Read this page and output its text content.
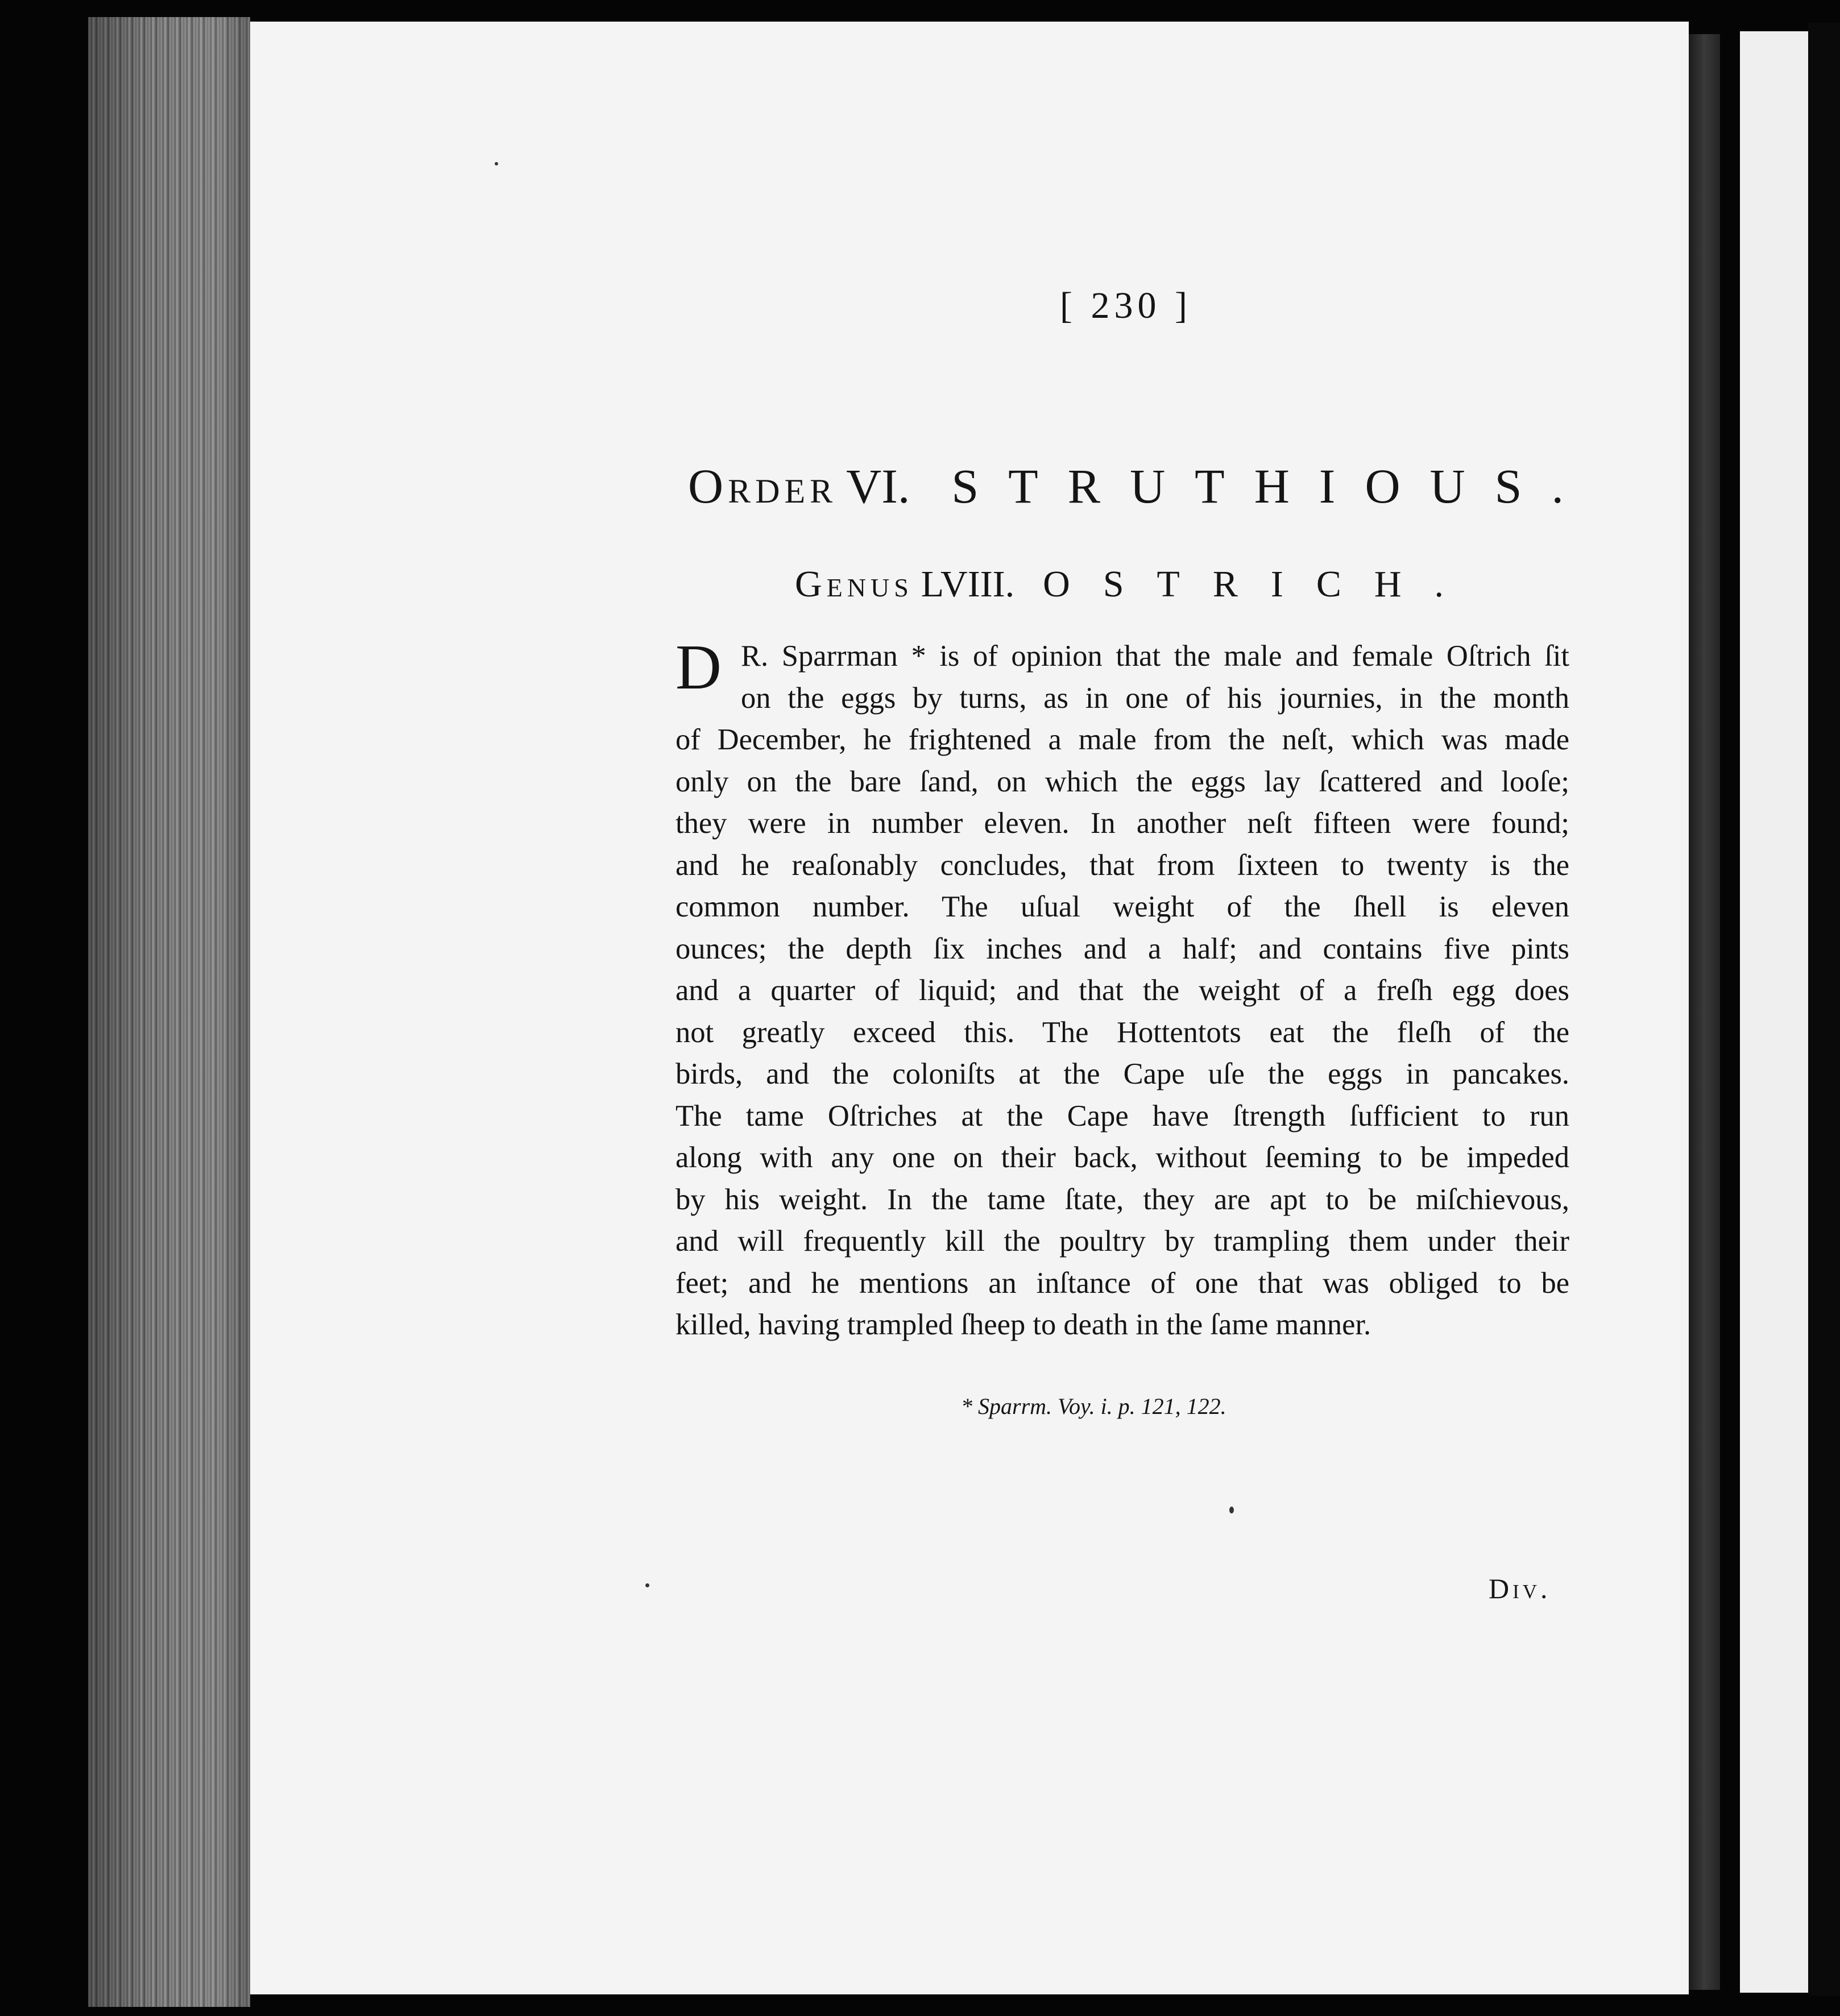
[ 230 ]
Order VI. STRUTHIOUS.
Genus LVIII. OSTRICH.
D R. Sparrman * is of opinion that the male and female Oſtrich ſit
on the eggs by turns, as in one of his journies, in the month
of December, he frightened a male from the neſt, which was made
only on the bare ſand, on which the eggs lay ſcattered and looſe;
they were in number eleven. In another neſt fifteen were found;
and he reaſonably concludes, that from ſixteen to twenty is the
common number. The uſual weight of the ſhell is eleven
ounces; the depth ſix inches and a half; and contains five pints
and a quarter of liquid; and that the weight of a freſh egg does
not greatly exceed this. The Hottentots eat the fleſh of the
birds, and the coloniſts at the Cape uſe the eggs in pancakes.
The tame Oſtriches at the Cape have ſtrength ſufficient to run
along with any one on their back, without ſeeming to be impeded
by his weight. In the tame ſtate, they are apt to be miſchievous,
and will frequently kill the poultry by trampling them under their
feet; and he mentions an inſtance of one that was obliged to be
killed, having trampled ſheep to death in the ſame manner.
* Sparrm. Voy. i. p. 121, 122.
Div.
